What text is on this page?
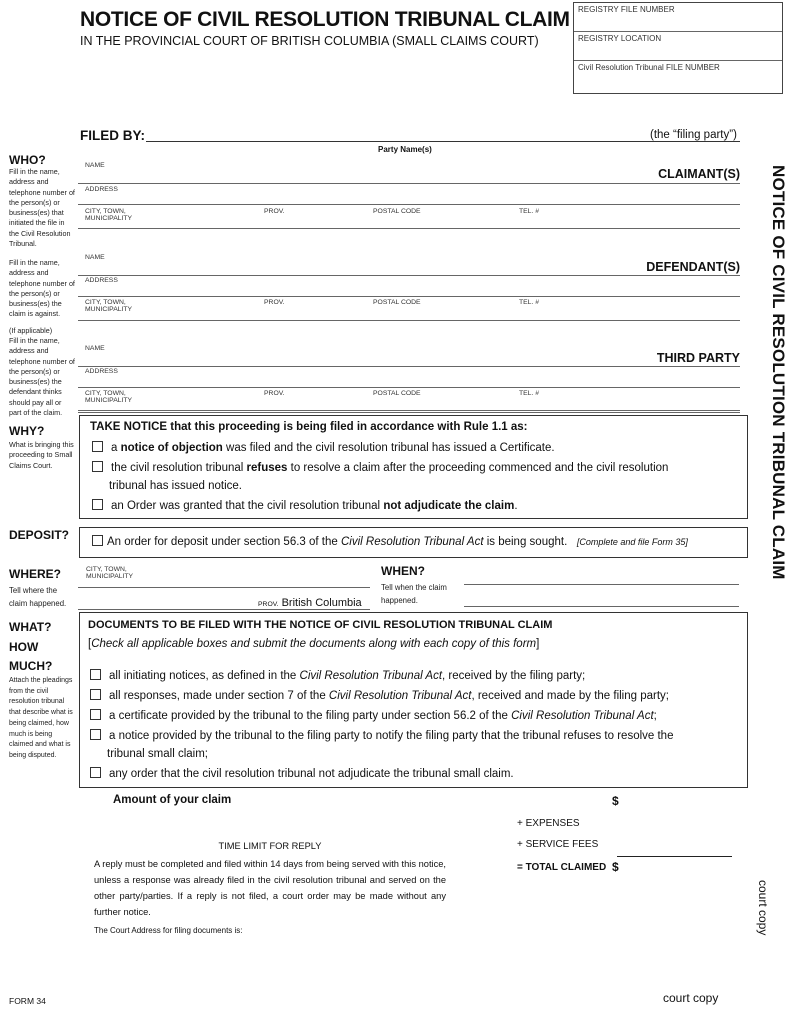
NOTICE OF CIVIL RESOLUTION TRIBUNAL CLAIM
IN THE PROVINCIAL COURT OF BRITISH COLUMBIA (SMALL CLAIMS COURT)
REGISTRY FILE NUMBER
REGISTRY LOCATION
Civil Resolution Tribunal FILE NUMBER
NOTICE OF CIVIL RESOLUTION TRIBUNAL CLAIM
FILED BY:	(the “filing party”)
Party Name(s)
WHO?
Fill in the name, address and telephone number of the person(s) or business(es) that initiated the file in the Civil Resolution Tribunal.
Fill in the name, address and telephone number of the person(s) or business(es) the claim is against.
(If applicable)
Fill in the name, address and telephone number of the person(s) or business(es) the defendant thinks should pay all or part of the claim.
NAME
CLAIMANT(S)
ADDRESS
CITY, TOWN,
MUNICIPALITY
PROV.	POSTAL CODE	TEL. #
NAME
DEFENDANT(S)
ADDRESS
CITY, TOWN,
MUNICIPALITY
PROV.	POSTAL CODE	TEL. #
NAME
THIRD PARTY
ADDRESS
CITY, TOWN,
MUNICIPALITY
PROV.	POSTAL CODE	TEL. #
WHY?
What is bringing this proceeding to Small Claims Court.
TAKE NOTICE that this proceeding is being filed in accordance with Rule 1.1 as:
a notice of objection was filed and the civil resolution tribunal has issued a Certificate.
the civil resolution tribunal refuses to resolve a claim after the proceeding commenced and the civil resolution
tribunal has issued notice.
an Order was granted that the civil resolution tribunal not adjudicate the claim.
DEPOSIT?	An order for deposit under section 56.3 of the Civil Resolution Tribunal Act is being sought. [Complete and file Form 35]
WHERE?
Tell where the claim happened.
CITY, TOWN,
MUNICIPALITY
PROV. British Columbia
WHEN?
Tell when the claim happened.
WHAT?
HOW
MUCH?
Attach the pleadings from the civil resolution tribunal that describe what is being claimed, how much is being claimed and what is being disputed.
DOCUMENTS TO BE FILED WITH THE NOTICE OF CIVIL RESOLUTION TRIBUNAL CLAIM
[Check all applicable boxes and submit the documents along with each copy of this form]
all initiating notices, as defined in the Civil Resolution Tribunal Act, received by the filing party;
all responses, made under section 7 of the Civil Resolution Tribunal Act, received and made by the filing party;
a certificate provided by the tribunal to the filing party under section 56.2 of the Civil Resolution Tribunal Act;
a notice provided by the tribunal to the filing party to notify the filing party that the tribunal refuses to resolve the
tribunal small claim;
any order that the civil resolution tribunal not adjudicate the tribunal small claim.
Amount of your claim	$
+ EXPENSES
+ SERVICE FEES
= TOTAL CLAIMED $
TIME LIMIT FOR REPLY
A reply must be completed and filed within 14 days from being served with this notice, unless a response was already filed in the civil resolution tribunal and served on the other party/parties. If a reply is not filed, a court order may be made without any further notice.
The Court Address for filing documents is:	court copy
FORM 34	court copy
